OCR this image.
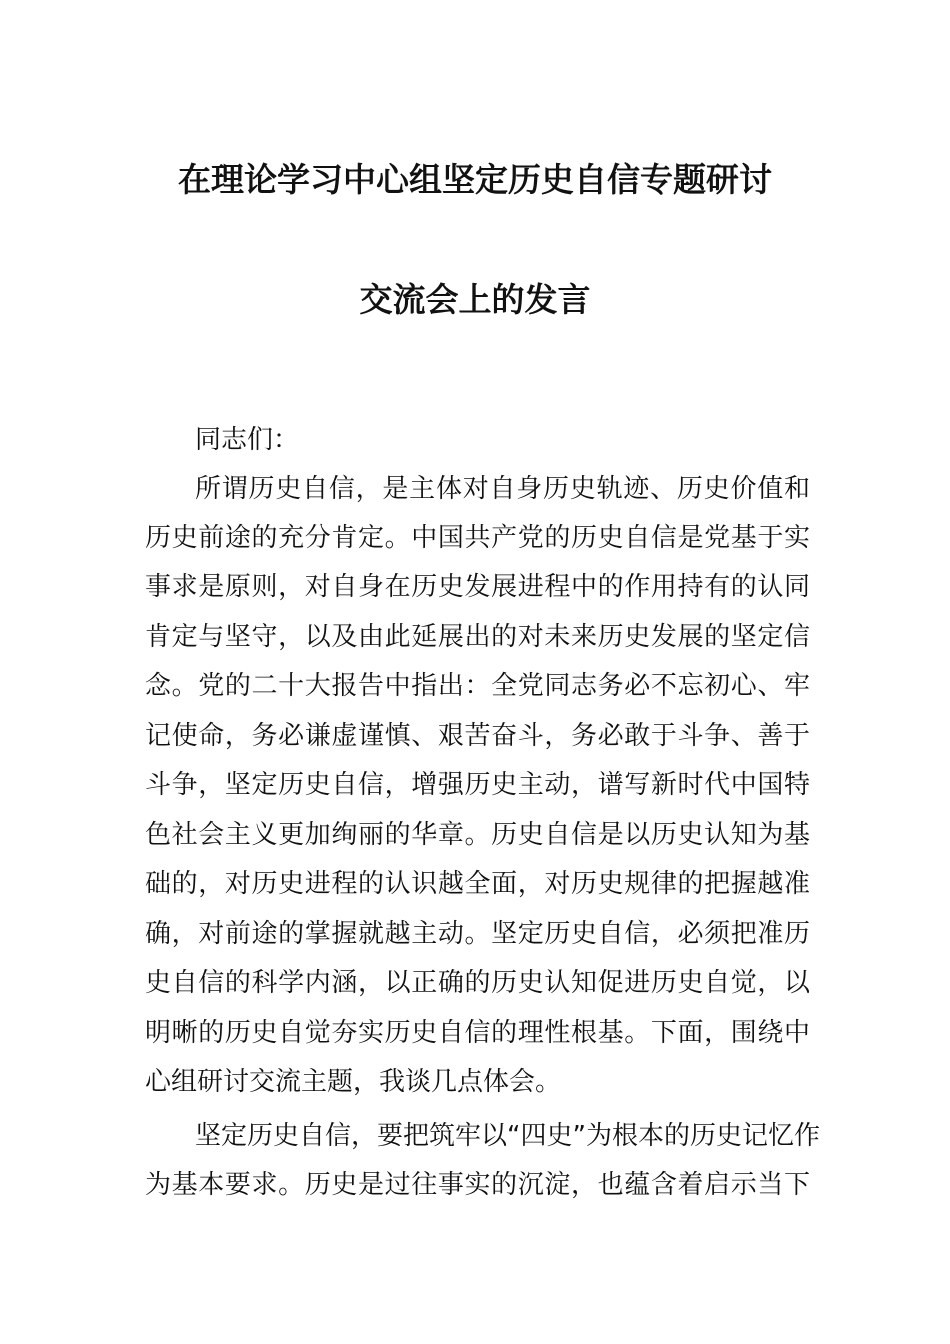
在理论学习中心组坚定历史自信专题研讨
交流会上的发言
同志们：
所谓历史自信，是主体对自身历史轨迹、历史价值和
历史前途的充分肯定。中国共产党的历史自信是党基于实
事求是原则，对自身在历史发展进程中的作用持有的认同
肯定与坚守，以及由此延展出的对未来历史发展的坚定信
念。党的二十大报告中指出：全党同志务必不忘初心、牢
记使命，务必谦虚谨慎、艰苦奋斗，务必敢于斗争、善于
斗争，坚定历史自信，增强历史主动，谱写新时代中国特
色社会主义更加绚丽的华章。历史自信是以历史认知为基
础的，对历史进程的认识越全面，对历史规律的把握越准
确，对前途的掌握就越主动。坚定历史自信，必须把准历
史自信的科学内涵，以正确的历史认知促进历史自觉，以
明晰的历史自觉夯实历史自信的理性根基。下面，围绕中
心组研讨交流主题，我谈几点体会。
坚定历史自信，要把筑牢以“四史”为根本的历史记忆作
为基本要求。历史是过往事实的沉淀，也蕴含着启示当下
